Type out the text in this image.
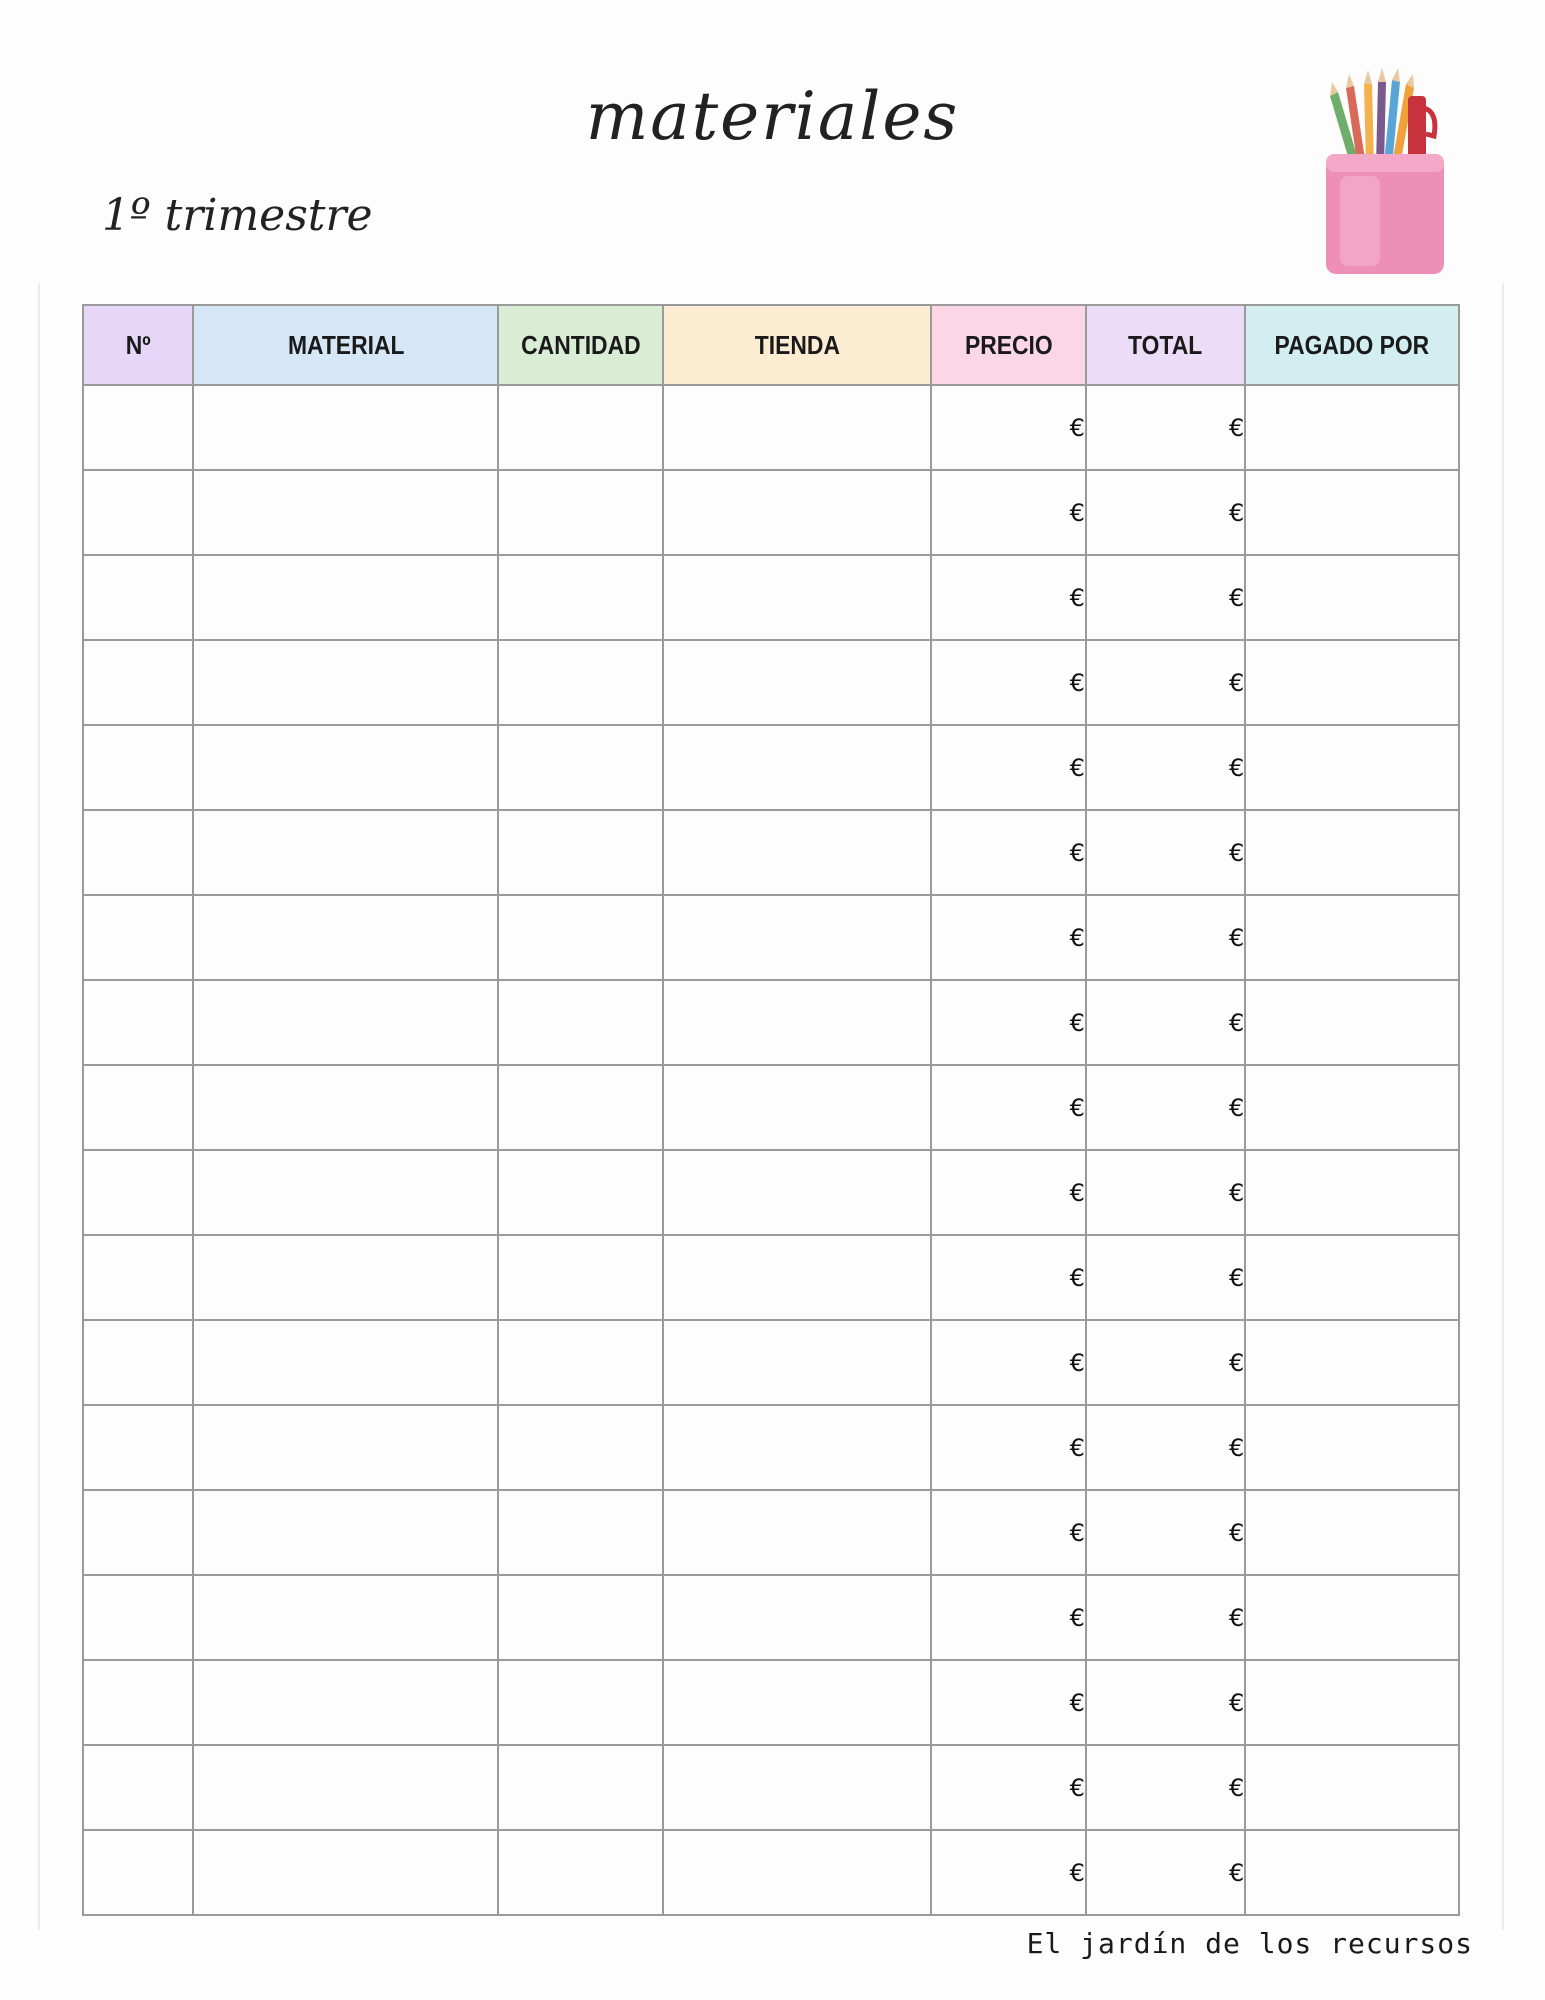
materiales
1º trimestre
Nº	MATERIAL	CANTIDAD	TIENDA	PRECIO	TOTAL	PAGADO POR
				€	€	
				€	€	
				€	€	
				€	€	
				€	€	
				€	€	
				€	€	
				€	€	
				€	€	
				€	€	
				€	€	
				€	€	
				€	€	
				€	€	
				€	€	
				€	€	
				€	€	
				€	€	
El jardín de los recursos
